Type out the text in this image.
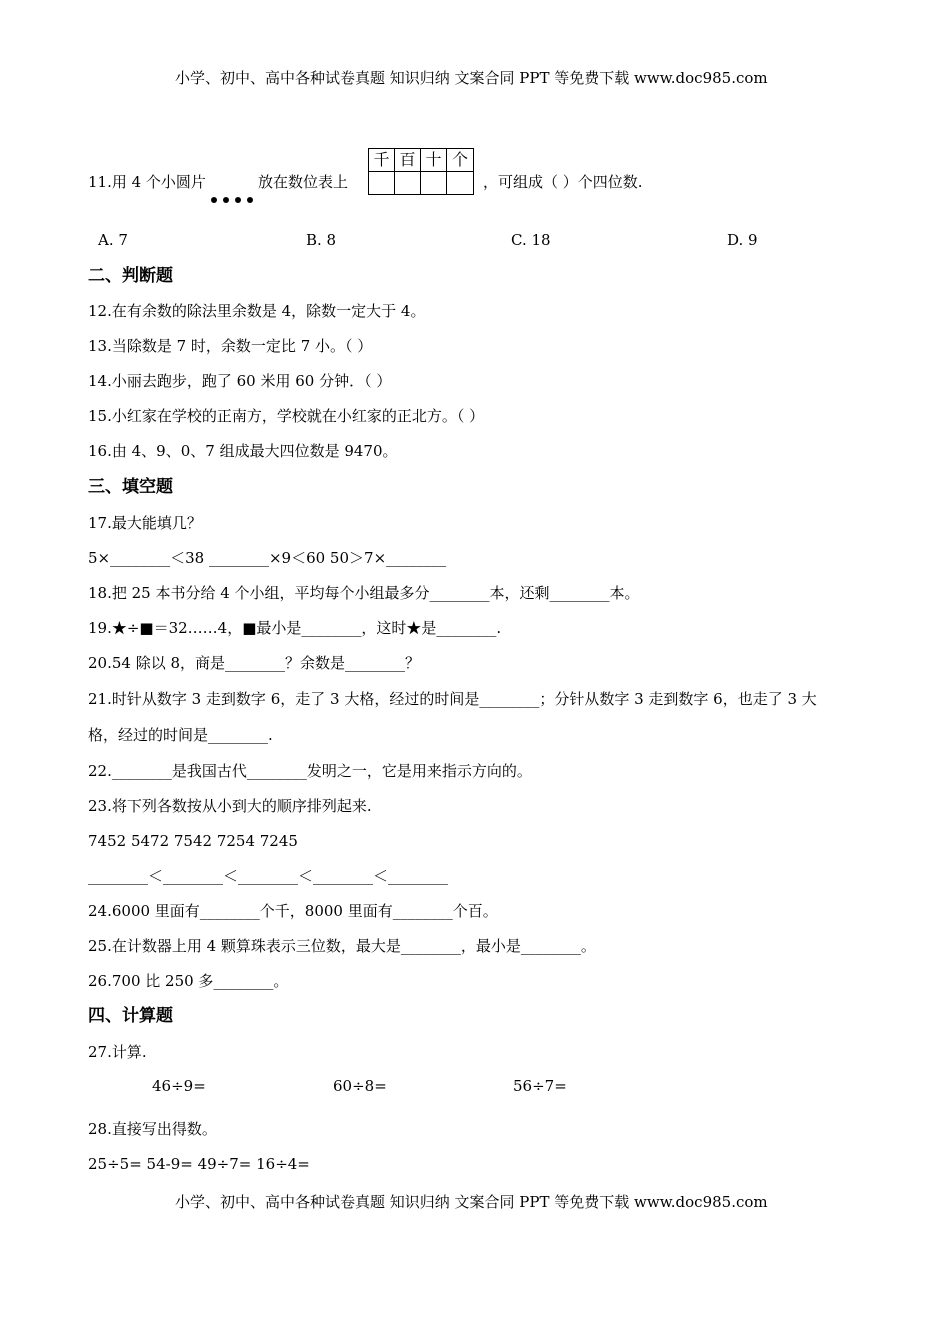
小学、初中、高中各种试卷真题 知识归纳 文案合同 PPT 等免费下载 www.doc985.com
11.用 4 个小圆片	放在数位表上
千 百 十 个
，可组成（ ）个四位数.
A. 7	B. 8	C. 18	D. 9
二、判断题
12.在有余数的除法里余数是 4，除数一定大于 4。
13.当除数是 7 时，余数一定比 7 小。（ ）
14.小丽去跑步，跑了 60 米用 60 分钟．（ ）
15.小红家在学校的正南方，学校就在小红家的正北方。（ ）
16.由 4、9、0、7 组成最大四位数是 9470。
三、填空题
17.最大能填几？
5×________＜38 ________×9＜60 50＞7×________
18.把 25 本书分给 4 个小组，平均每个小组最多分________本，还剩________本。
19.★÷■＝32……4，■最小是________，这时★是________.
20.54 除以 8，商是________？余数是________？
21.时针从数字 3 走到数字 6，走了 3 大格，经过的时间是________；分针从数字 3 走到数字 6，也走了 3 大
格，经过的时间是________.
22.________是我国古代________发明之一，它是用来指示方向的。
23.将下列各数按从小到大的顺序排列起来.
7452 5472 7542 7254 7245
________＜________＜________＜________＜________
24.6000 里面有________个千，8000 里面有________个百。
25.在计数器上用 4 颗算珠表示三位数，最大是________，最小是________。
26.700 比 250 多________。
四、计算题
27.计算.
46÷9=	60÷8=	56÷7=
28.直接写出得数。
25÷5= 54-9= 49÷7= 16÷4=
小学、初中、高中各种试卷真题 知识归纳 文案合同 PPT 等免费下载 www.doc985.com
